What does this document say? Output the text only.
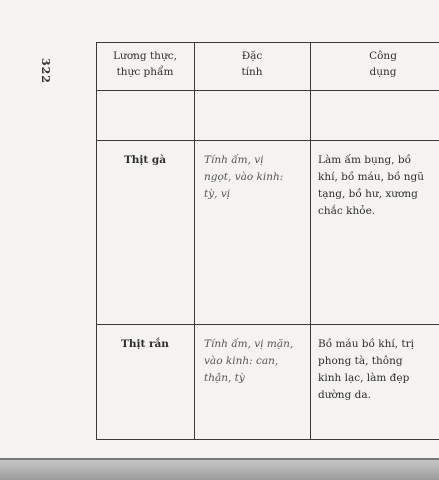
322
Lương thực,
thực phẩm
Đặc
tính
Công
dụng
Thịt gà	Tính ấm, vị
ngọt, vào kinh:
tỳ, vị
Làm ấm bụng, bồ
khí, bồ máu, bồ ngũ
tạng, bồ hư, xương
chắc khỏe.
Thịt rắn	Tính ấm, vị mặn,
vào kinh: can,
thận, tỳ
Bồ máu bồ khí, trị
phong tà, thông
kinh lạc, làm đẹp
dường da.
